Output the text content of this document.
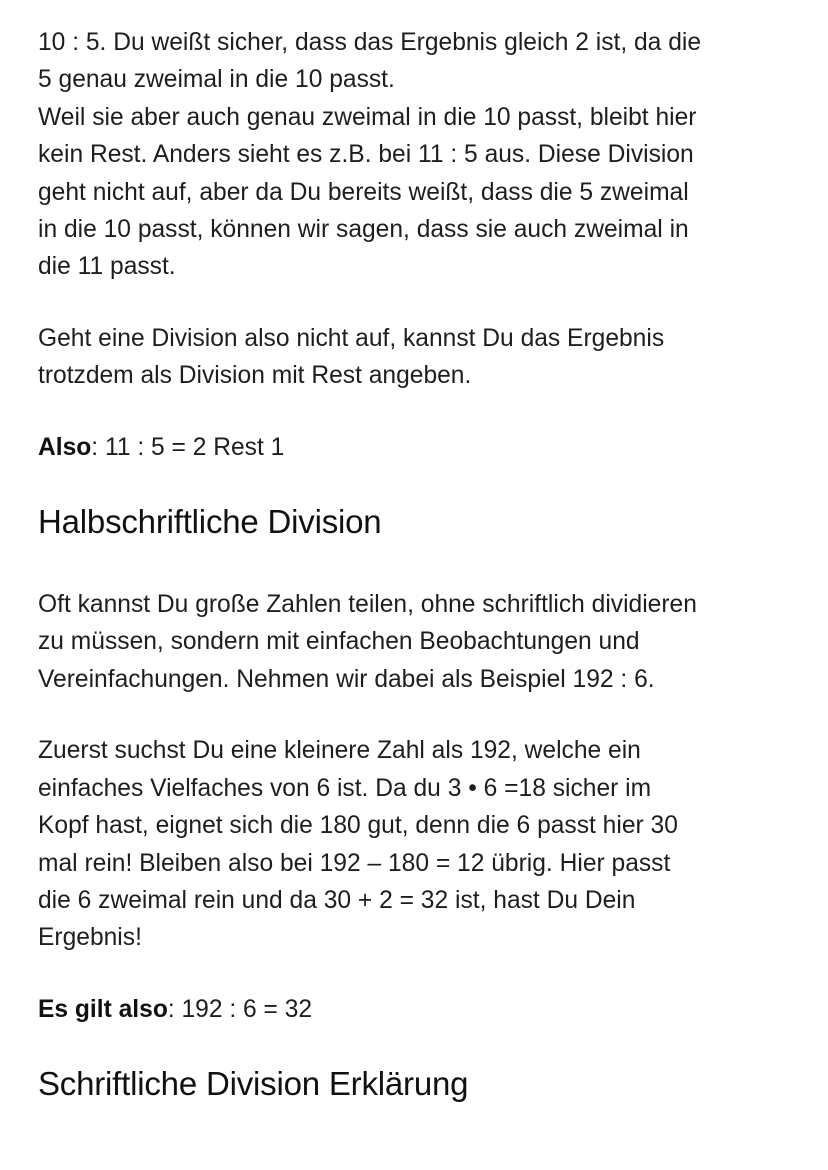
10 : 5. Du weißt sicher, dass das Ergebnis gleich 2 ist, da die
5 genau zweimal in die 10 passt.
Weil sie aber auch genau zweimal in die 10 passt, bleibt hier
kein Rest. Anders sieht es z.B. bei 11 : 5 aus. Diese Division
geht nicht auf, aber da Du bereits weißt, dass die 5 zweimal
in die 10 passt, können wir sagen, dass sie auch zweimal in
die 11 passt.

Geht eine Division also nicht auf, kannst Du das Ergebnis
trotzdem als Division mit Rest angeben.

Also: 11 : 5 = 2 Rest 1

Halbschriftliche Division

Oft kannst Du große Zahlen teilen, ohne schriftlich dividieren
zu müssen, sondern mit einfachen Beobachtungen und
Vereinfachungen. Nehmen wir dabei als Beispiel 192 : 6.

Zuerst suchst Du eine kleinere Zahl als 192, welche ein
einfaches Vielfaches von 6 ist. Da du 3 • 6 =18 sicher im
Kopf hast, eignet sich die 180 gut, denn die 6 passt hier 30
mal rein! Bleiben also bei 192 – 180 = 12 übrig. Hier passt
die 6 zweimal rein und da 30 + 2 = 32 ist, hast Du Dein
Ergebnis!

Es gilt also: 192 : 6 = 32

Schriftliche Division Erklärung
